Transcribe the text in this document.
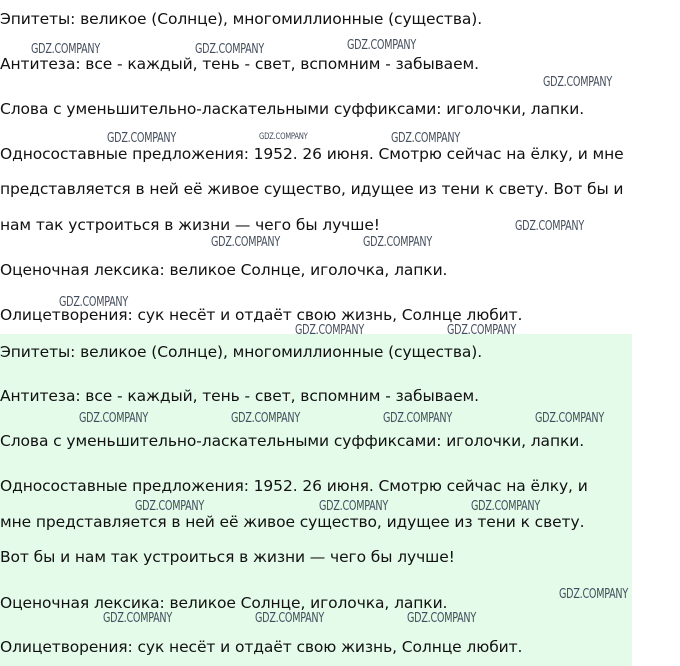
Эпитеты: великое (Солнце), многомиллионные (существа).
Антитеза: все - каждый, тень - свет, вспомним - забываем.
Слова с уменьшительно-ласкательными суффиксами: иголочки, лапки.
Односоставные предложения: 1952. 26 июня. Смотрю сейчас на ёлку, и мне
представляется в ней её живое существо, идущее из тени к свету. Вот бы и
нам так устроиться в жизни — чего бы лучше!
Оценочная лексика: великое Солнце, иголочка, лапки.
Олицетворения: сук несёт и отдаёт свою жизнь, Солнце любит.
Эпитеты: великое (Солнце), многомиллионные (существа).
Антитеза: все - каждый, тень - свет, вспомним - забываем.
Слова с уменьшительно-ласкательными суффиксами: иголочки, лапки.
Односоставные предложения: 1952. 26 июня. Смотрю сейчас на ёлку, и
мне представляется в ней её живое существо, идущее из тени к свету.
Вот бы и нам так устроиться в жизни — чего бы лучше!
Оценочная лексика: великое Солнце, иголочка, лапки.
Олицетворения: сук несёт и отдаёт свою жизнь, Солнце любит.
GDZ.COMPANY	GDZ.COMPANY	GDZ.COMPANY
GDZ.COMPANY
GDZ.COMPANY	GDZ.COMPANY	GDZ.COMPANY
GDZ.COMPANY
GDZ.COMPANY	GDZ.COMPANY
GDZ.COMPANY
GDZ.COMPANY	GDZ.COMPANY
GDZ.COMPANY	GDZ.COMPANY	GDZ.COMPANY	GDZ.COMPANY
GDZ.COMPANY	GDZ.COMPANY	GDZ.COMPANY
GDZ.COMPANY
GDZ.COMPANY	GDZ.COMPANY	GDZ.COMPANY
